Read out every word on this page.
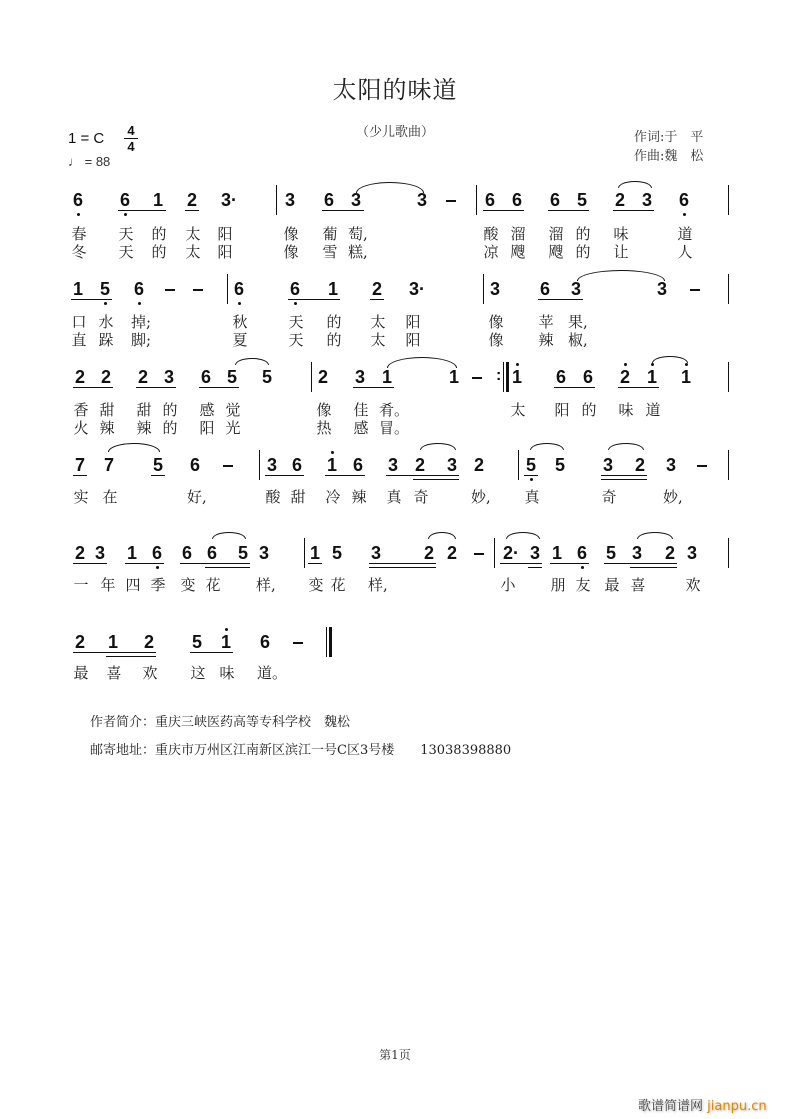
太阳的味道
（少儿歌曲）	作词:于　平
作曲:魏　松
1 = C 4
4
♩ = 88
6 6 1 2 3·	3 6 3	3	6 6 6 5 2 3 6
春 天 的 太 阳	像 葡 萄,	酸 溜 溜 的 味	道
冬 天 的 太 阳	像 雪 糕,	凉 飕 飕 的 让	人
1 5 6	6	6 1 2 3·	3 6 3	3
口 水 掉;	秋	天 的 太 阳	像 苹 果,
直 跺 脚;	夏	天 的 太 阳	像 辣 椒,
2 2 2 3 6 5 5	2 3 1	1 : 1 6 6 2 1 1
香 甜 甜 的 感 觉	像 佳 肴。	太 阳 的 味 道
火 辣 辣 的 阳 光	热 感 冒。
7 7 5 6	3 6 1 6 3 2 3 2 5 5 3 2 3
实 在	好,	酸 甜 冷 辣 真 奇	妙,	真	奇	妙,
2 3 1 6 6 6 5 3 1 5 3 2 2	2· 3 1 6 5 3 2 3
一 年 四 季 变 花 样,	变 花 样,	小 朋 友 最 喜	欢
2 1 2 5 1 6
最 喜 欢 这 味 道。
作者简介：重庆三峡医药高等专科学校　魏松
邮寄地址：重庆市万州区江南新区滨江一号C区3号楼　　13038398880
第1页
歌谱简谱网 jianpu.cn
